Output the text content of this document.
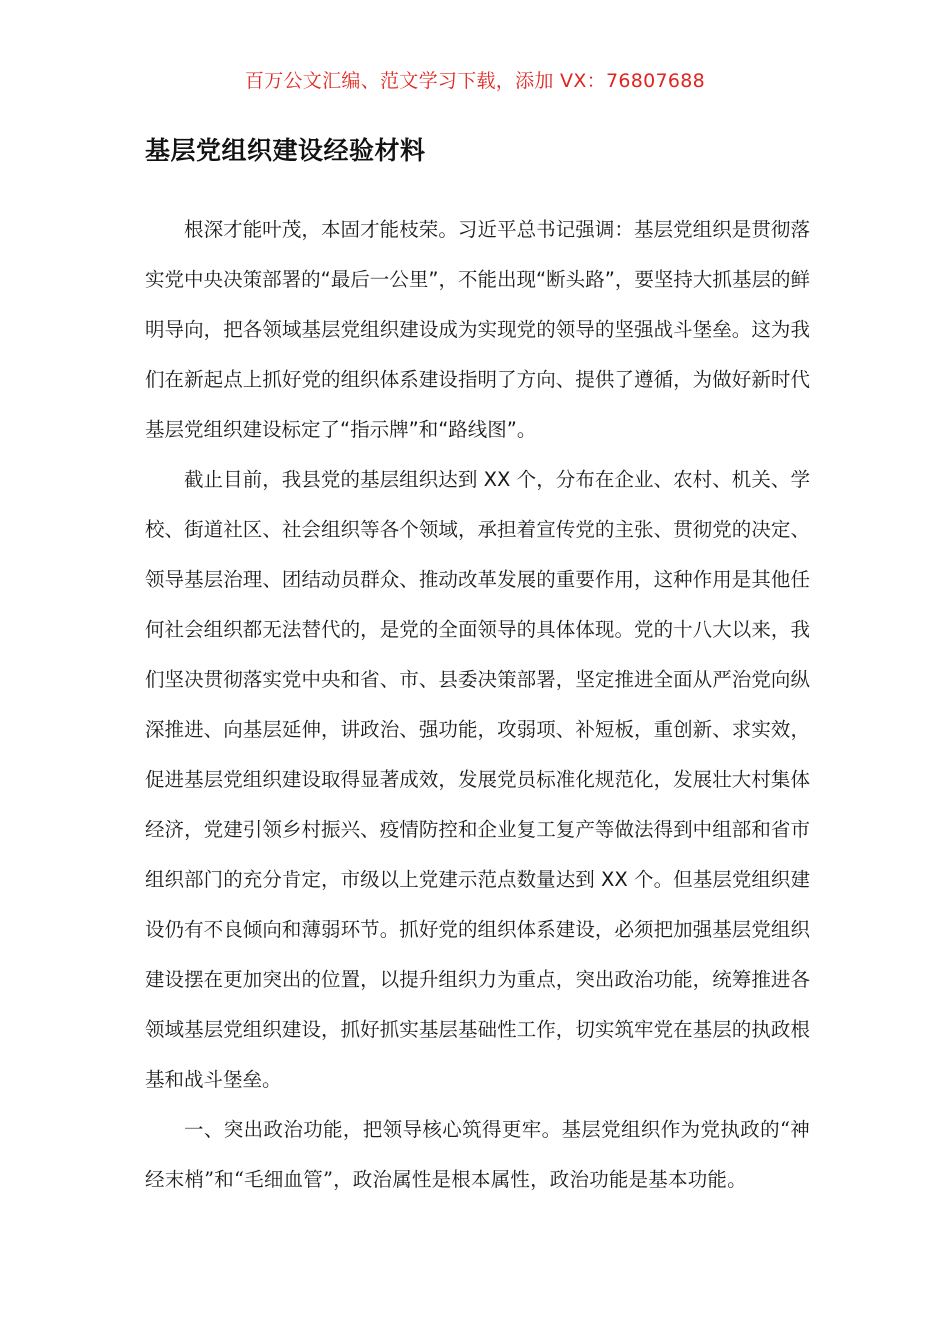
百万公文汇编、范文学习下载，添加 VX：76807688
基层党组织建设经验材料

根深才能叶茂，本固才能枝荣。习近平总书记强调：基层党组织是贯彻落实党中央决策部署的“最后一公里”，不能出现“断头路”，要坚持大抓基层的鲜明导向，把各领域基层党组织建设成为实现党的领导的坚强战斗堡垒。这为我们在新起点上抓好党的组织体系建设指明了方向、提供了遵循，为做好新时代基层党组织建设标定了“指示牌”和“路线图”。

截止目前，我县党的基层组织达到 XX 个，分布在企业、农村、机关、学校、街道社区、社会组织等各个领域，承担着宣传党的主张、贯彻党的决定、领导基层治理、团结动员群众、推动改革发展的重要作用，这种作用是其他任何社会组织都无法替代的，是党的全面领导的具体体现。党的十八大以来，我们坚决贯彻落实党中央和省、市、县委决策部署，坚定推进全面从严治党向纵深推进、向基层延伸，讲政治、强功能，攻弱项、补短板，重创新、求实效，促进基层党组织建设取得显著成效，发展党员标准化规范化，发展壮大村集体经济，党建引领乡村振兴、疫情防控和企业复工复产等做法得到中组部和省市组织部门的充分肯定，市级以上党建示范点数量达到 XX 个。但基层党组织建设仍有不良倾向和薄弱环节。抓好党的组织体系建设，必须把加强基层党组织建设摆在更加突出的位置，以提升组织力为重点，突出政治功能，统筹推进各领域基层党组织建设，抓好抓实基层基础性工作，切实筑牢党在基层的执政根基和战斗堡垒。

一、突出政治功能，把领导核心筑得更牢。基层党组织作为党执政的“神经末梢”和“毛细血管”，政治属性是根本属性，政治功能是基本功能。
